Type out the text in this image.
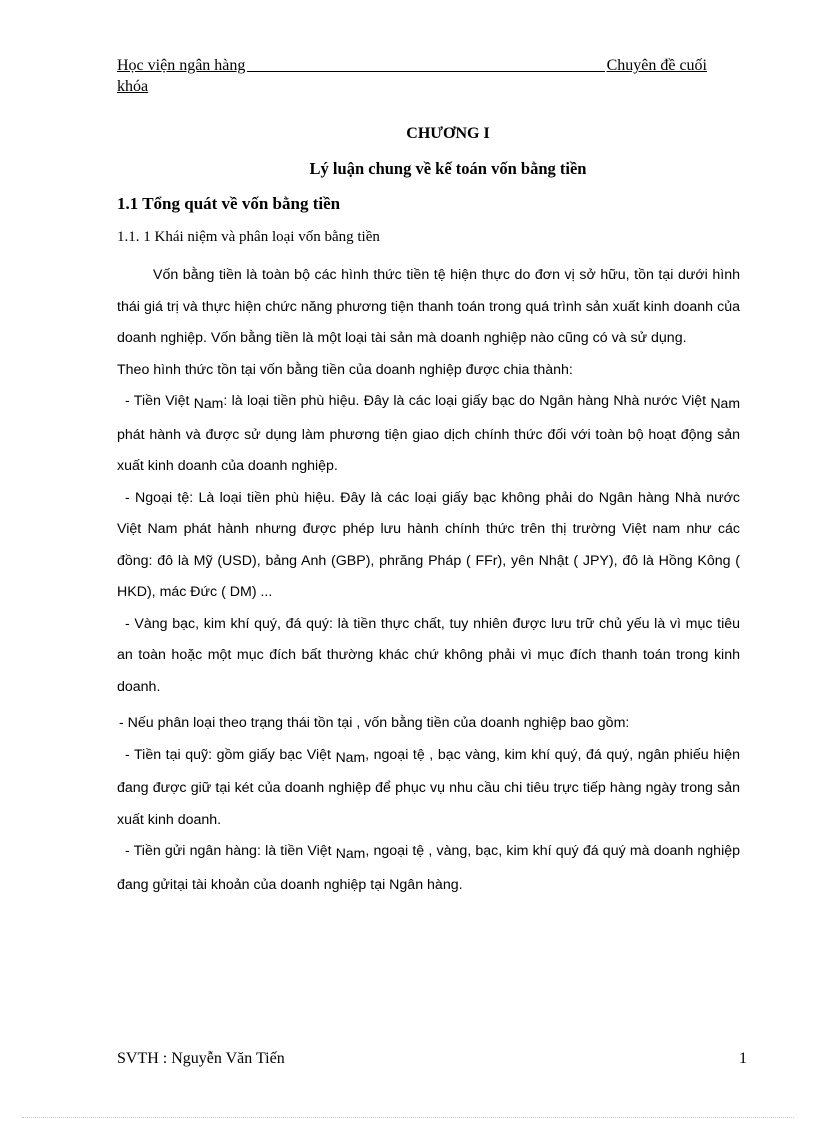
Học viện ngân hàng	Chuyên đề cuối
khóa
CHƯƠNG I
Lý luận chung về kế toán vốn bằng tiền
1.1 Tổng quát về vốn bằng tiền
1.1. 1 Khái niệm và phân loại vốn bằng tiền

Vốn bằng tiền là toàn bộ các hình thức tiền tệ hiện thực do đơn vị sở hữu, tồn tại dưới hình thái giá trị và thực hiện chức năng phương tiện thanh toán trong quá trình sản xuất kinh doanh của doanh nghiệp. Vốn bằng tiền là một loại tài sản mà doanh nghiệp nào cũng có và sử dụng.

Theo hình thức tồn tại vốn bằng tiền của doanh nghiệp được chia thành:

- Tiền Việt Nam: là loại tiền phù hiệu. Đây là các loại giấy bạc do Ngân hàng Nhà nước Việt Nam phát hành và được sử dụng làm phương tiện giao dịch chính thức đối với toàn bộ hoạt động sản xuất kinh doanh của doanh nghiệp.

- Ngoại tệ: Là loại tiền phù hiệu. Đây là các loại giấy bạc không phải do Ngân hàng Nhà nước Việt Nam phát hành nhưng được phép lưu hành chính thức trên thị trường Việt nam như các đồng: đô là Mỹ (USD), bảng Anh (GBP), phrăng Pháp ( FFr), yên Nhật ( JPY), đô là Hồng Kông ( HKD), mác Đức ( DM) ...

- Vàng bạc, kim khí quý, đá quý: là tiền thực chất, tuy nhiên được lưu trữ chủ yếu là vì mục tiêu an toàn hoặc một mục đích bất thường khác chứ không phải vì mục đích thanh toán trong kinh doanh.

- Nếu phân loại theo trạng thái tồn tại , vốn bằng tiền của doanh nghiệp bao gồm:

- Tiền tại quỹ: gồm giấy bạc Việt Nam, ngoại tệ , bạc vàng, kim khí quý, đá quý, ngân phiếu hiện đang được giữ tại két của doanh nghiệp để phục vụ nhu cầu chi tiêu trực tiếp hàng ngày trong sản xuất kinh doanh.

- Tiền gửi ngân hàng: là tiền Việt Nam, ngoại tệ , vàng, bạc, kim khí quý đá quý mà doanh nghiệp đang gửitại tài khoản của doanh nghiệp tại Ngân hàng.

SVTH : Nguyễn Văn Tiến	1
